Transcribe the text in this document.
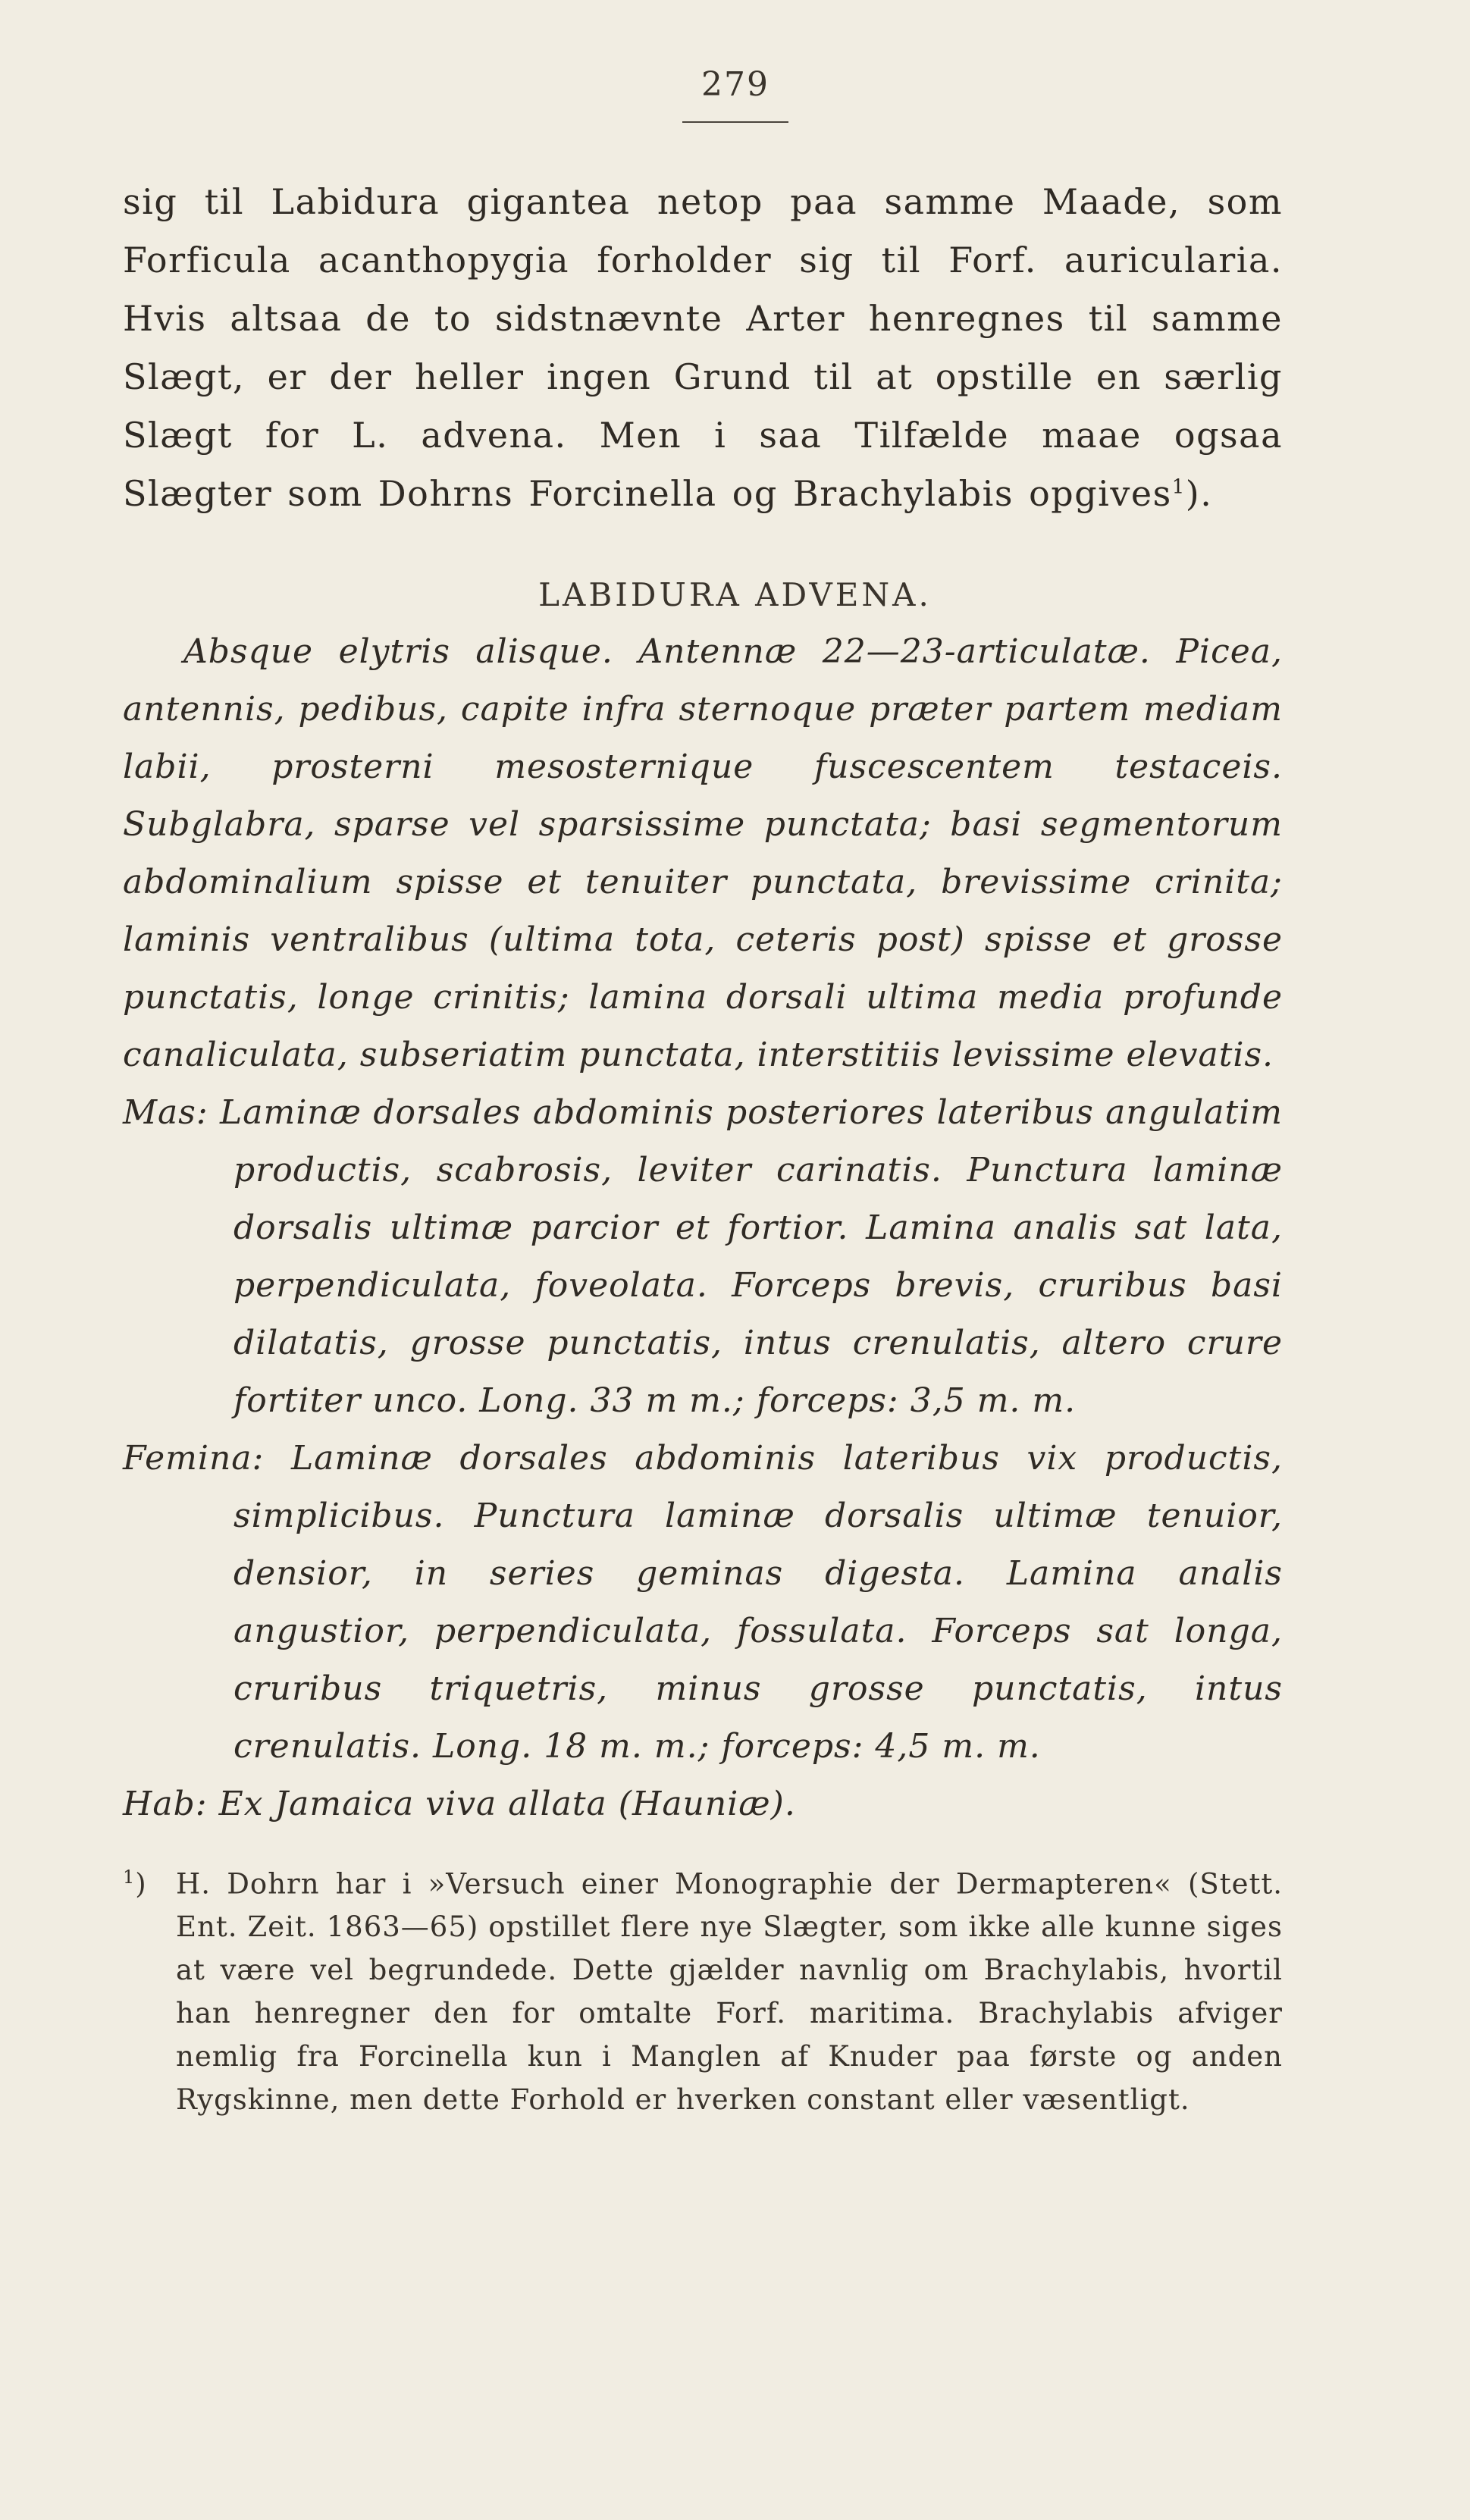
279

sig til Labidura gigantea netop paa samme Maade, som Forficula acanthopygia forholder sig til Forf. auricularia. Hvis altsaa de to sidstnævnte Arter henregnes til samme Slægt, er der heller ingen Grund til at opstille en særlig Slægt for L. advena. Men i saa Tilfælde maae ogsaa Slægter som Dohrns Forcinella og Brachylabis opgives$^1$).

LABIDURA ADVENA.

Absque elytris alisque. Antennæ 22—23-articulatæ. Picea, antennis, pedibus, capite infra sternoque præter partem mediam labii, prosterni mesosternique fuscescentem testaceis. Subglabra, sparse vel sparsissime punctata; basi segmentorum abdominalium spisse et tenuiter punctata, brevissime crinita; laminis ventralibus (ultima tota, ceteris post) spisse et grosse punctatis, longe crinitis; lamina dorsali ultima media profunde canaliculata, subseriatim punctata, interstitiis levissime elevatis.

Mas: Laminæ dorsales abdominis posteriores lateribus angulatim productis, scabrosis, leviter carinatis. Punctura laminæ dorsalis ultimæ parcior et fortior. Lamina analis sat lata, perpendiculata, foveolata. Forceps brevis, cruribus basi dilatatis, grosse punctatis, intus crenulatis, altero crure fortiter unco. Long. 33 m m.; forceps: 3,5 m. m.

Femina: Laminæ dorsales abdominis lateribus vix productis, simplicibus. Punctura laminæ dorsalis ultimæ tenuior, densior, in series geminas digesta. Lamina analis angustior, perpendiculata, fossulata. Forceps sat longa, cruribus triquetris, minus grosse punctatis, intus crenulatis. Long. 18 m. m.; forceps: 4,5 m. m.

Hab: Ex Jamaica viva allata (Hauniæ).

$^1$) H. Dohrn har i »Versuch einer Monographie der Dermapteren« (Stett. Ent. Zeit. 1863—65) opstillet flere nye Slægter, som ikke alle kunne siges at være vel begrundede. Dette gjælder navnlig om Brachylabis, hvortil han henregner den for omtalte Forf. maritima. Brachylabis afviger nemlig fra Forcinella kun i Manglen af Knuder paa første og anden Rygskinne, men dette Forhold er hverken constant eller væsentligt.
